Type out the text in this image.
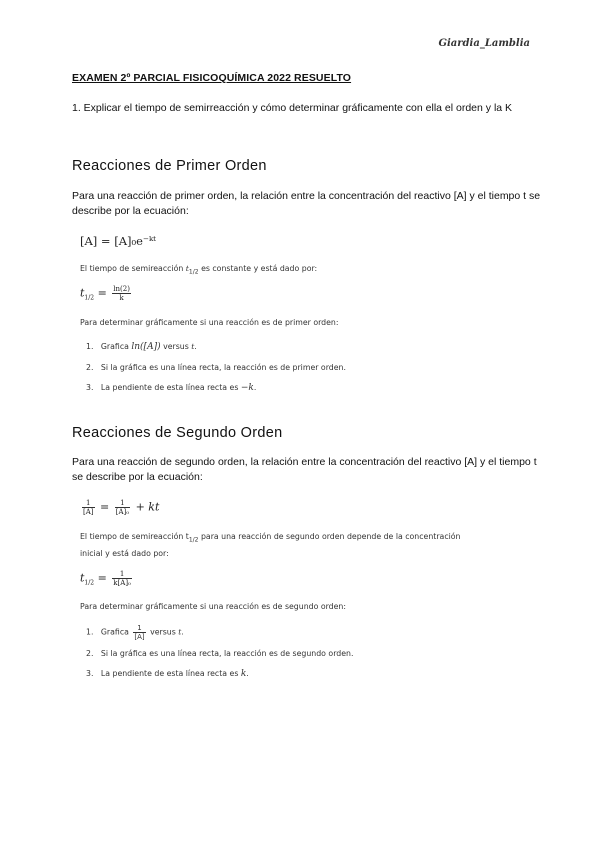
Giardia_Lamblia
EXAMEN 2º PARCIAL FISICOQUÍMICA 2022 RESUELTO
1. Explicar el tiempo de semirreacción y cómo determinar gráficamente con ella el orden y la K
Reacciones de Primer Orden
Para una reacción de primer orden, la relación entre la concentración del reactivo [A] y el tiempo t se describe por la ecuación:
[A] = [A]₀e⁻ᵏᵗ
El tiempo de semireacción $t_{1/2}$ es constante y está dado por:
$t_{1/2} = \frac{\ln(2)}{k}$
Para determinar gráficamente si una reacción es de primer orden:
1. Grafica ln([A]) versus t.
2. Si la gráfica es una línea recta, la reacción es de primer orden.
3. La pendiente de esta línea recta es −k.
Reacciones de Segundo Orden
Para una reacción de segundo orden, la relación entre la concentración del reactivo [A] y el tiempo t se describe por la ecuación:
$\frac{1}{[A]} = \frac{1}{\text{[A]₀}}$ + kt
El tiempo de semireacción $t_{1/2}$ para una reacción de segundo orden depende de la concentración
inicial y está dado por:
$t_{1/2} = \frac{1}{\text{k[A]₀}}$
Para determinar gráficamente si una reacción es de segundo orden:
1. Grafica $\frac{1}{[A]}$ versus t.
2. Si la gráfica es una línea recta, la reacción es de segundo orden.
3. La pendiente de esta línea recta es k.
